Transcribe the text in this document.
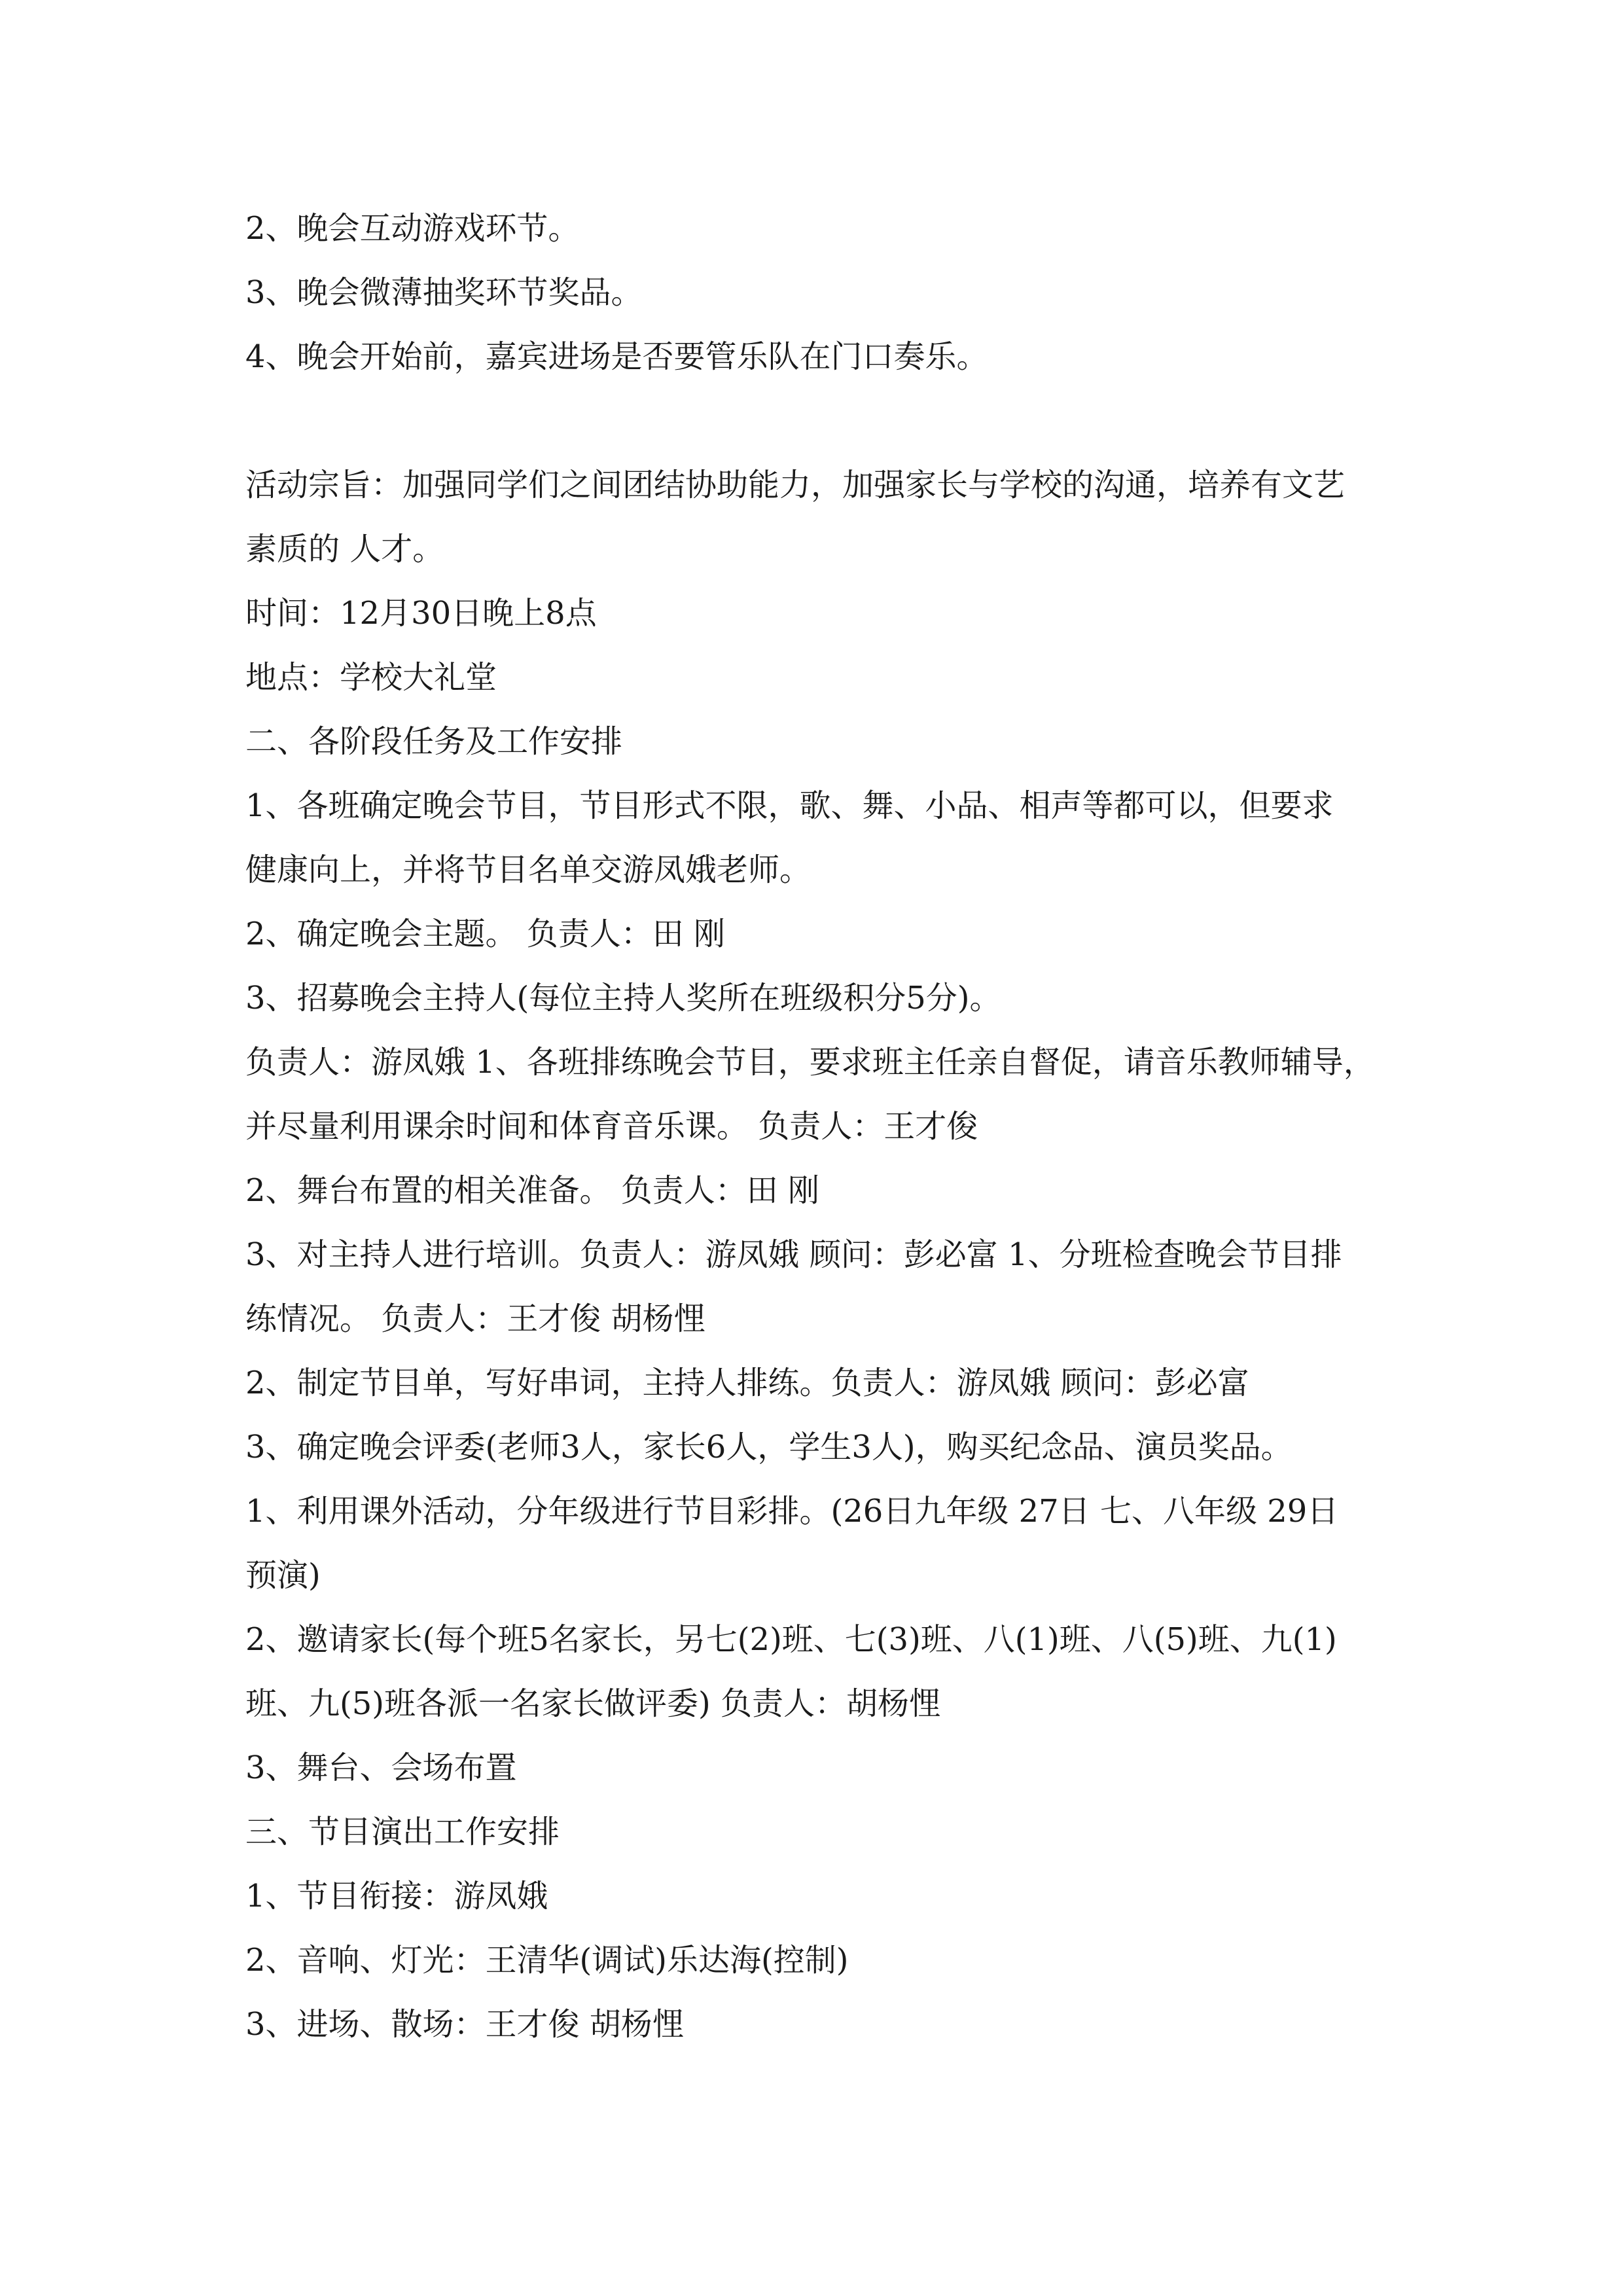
2、晚会互动游戏环节。

3、晚会微薄抽奖环节奖品。

4、晚会开始前，嘉宾进场是否要管乐队在门口奏乐。

活动宗旨：加强同学们之间团结协助能力，加强家长与学校的沟通，培养有文艺

素质的 人才。

时间：12月30日晚上8点

地点：学校大礼堂

二、各阶段任务及工作安排

1、各班确定晚会节目，节目形式不限，歌、舞、小品、相声等都可以，但要求

健康向上，并将节目名单交游凤娥老师。

2、确定晚会主题。 负责人：田 刚

3、招募晚会主持人(每位主持人奖所在班级积分5分)。

负责人：游凤娥 1、各班排练晚会节目，要求班主任亲自督促，请音乐教师辅导，

并尽量利用课余时间和体育音乐课。 负责人：王才俊

2、舞台布置的相关准备。 负责人：田 刚

3、对主持人进行培训。负责人：游凤娥 顾问：彭必富 1、分班检查晚会节目排

练情况。 负责人：王才俊 胡杨悝

2、制定节目单，写好串词，主持人排练。负责人：游凤娥 顾问：彭必富

3、确定晚会评委(老师3人，家长6人，学生3人)，购买纪念品、演员奖品。

1、利用课外活动，分年级进行节目彩排。(26日九年级 27日 七、八年级 29日

预演)

2、邀请家长(每个班5名家长，另七(2)班、七(3)班、八(1)班、八(5)班、九(1)

班、九(5)班各派一名家长做评委) 负责人：胡杨悝

3、舞台、会场布置

三、节目演出工作安排

1、节目衔接：游凤娥

2、音响、灯光：王清华(调试)乐达海(控制)

3、进场、散场：王才俊 胡杨悝
